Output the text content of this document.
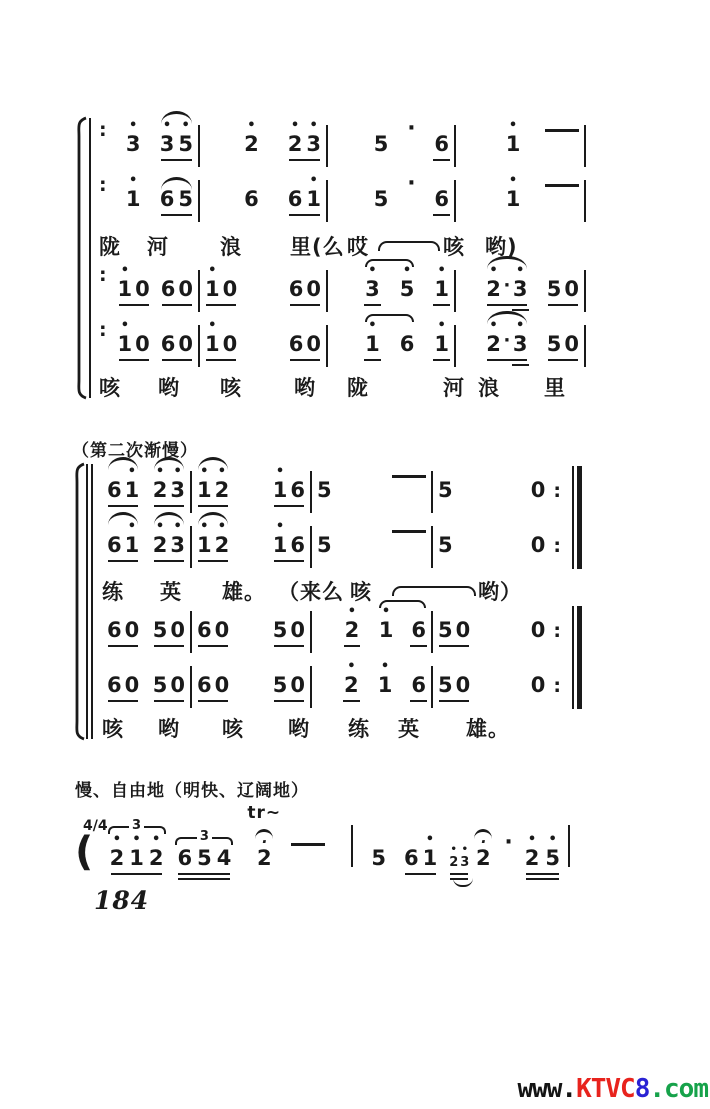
: •
3
•
3
•
5
•
2
•
2
•
3	5
·
6
•
1
: •
1 6 5 6 6
•
1	5
·
6
•
1
陇 河 浪 里(么 哎	咳 哟)
: •
1 0 6 0
•
1 0 6 0
•
3
•
5
•
1
•
2 ·
•
3 5 0
: •
1 0 6 0
•
1 0 6 0
•
1 6
•
1
•
2 ·
•
3 5 0
咳 哟 咳 哟 陇	河 浪 里
（第二次渐慢）
6
•
1
•
2
•
3
•
1
•
2
•
1 6 5	5	0 :
6
•
1
•
2
•
3
•
1
•
2
•
1 6 5	5	0 :
练 英 雄。 （来么 咳	哟）
6 0 5 0 6 0 5 0
•
2
•
1 6 5 0	0 :
6 0 5 0 6 0 5 0
•
2
•
1 6 5 0	0 :
咳 哟 咳 哟 练 英 雄。
慢、自由地（明快、辽阔地）
4/4
(
3
•
2
•
1
•
2
3
6 5 4
tr~
·
2	5 6
•
1 •
2
•
3
·
2
· •
2
•
5
184
www.KTVC8.com
